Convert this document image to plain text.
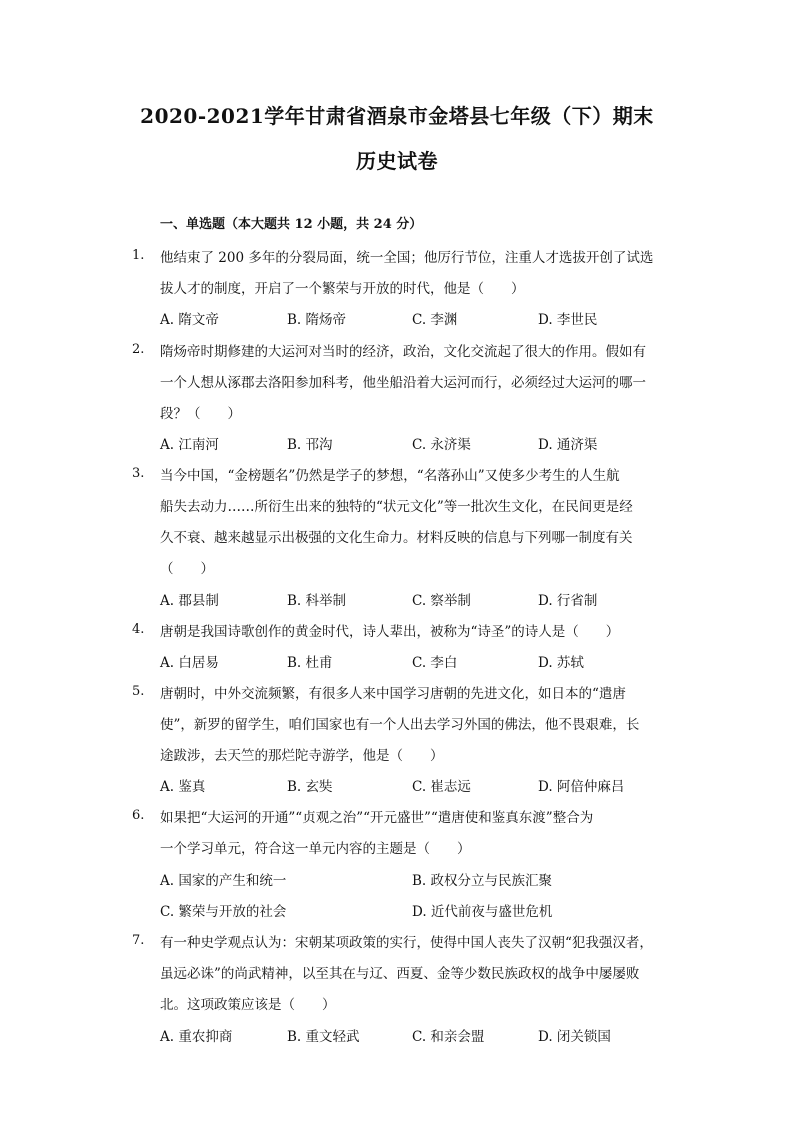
2020-2021学年甘肃省酒泉市金塔县七年级（下）期末
历史试卷
一、单选题（本大题共 12 小题，共 24 分）
1. 他结束了 200 多年的分裂局面，统一全国；他厉行节位，注重人才选拔开创了试选
拔人才的制度，开启了一个繁荣与开放的时代，他是（　　）
A. 隋文帝	B. 隋炀帝	C. 李渊	D. 李世民
2. 隋炀帝时期修建的大运河对当时的经济，政治，文化交流起了很大的作用。假如有
一个人想从涿郡去洛阳参加科考，他坐船沿着大运河而行，必须经过大运河的哪一
段？（　　）
A. 江南河	B. 邗沟	C. 永济渠	D. 通济渠
3. 当今中国，“金榜题名”仍然是学子的梦想，“名落孙山”又使多少考生的人生航
船失去动力……所衍生出来的独特的“状元文化”等一批次生文化，在民间更是经
久不衰、越来越显示出极强的文化生命力。材料反映的信息与下列哪一制度有关
（　　）
A. 郡县制	B. 科举制	C. 察举制	D. 行省制
4. 唐朝是我国诗歌创作的黄金时代，诗人辈出，被称为“诗圣”的诗人是（　　）
A. 白居易	B. 杜甫	C. 李白	D. 苏轼
5. 唐朝时，中外交流频繁，有很多人来中国学习唐朝的先进文化，如日本的“遣唐
使”，新罗的留学生，咱们国家也有一个人出去学习外国的佛法，他不畏艰难，长
途跋涉，去天竺的那烂陀寺游学，他是（　　）
A. 鉴真	B. 玄奘	C. 崔志远	D. 阿倍仲麻吕
6. 如果把“大运河的开通”“贞观之治”“开元盛世”“遣唐使和鉴真东渡”整合为
一个学习单元，符合这一单元内容的主题是（　　）
A. 国家的产生和统一	B. 政权分立与民族汇聚
C. 繁荣与开放的社会	D. 近代前夜与盛世危机
7. 有一种史学观点认为：宋朝某项政策的实行，使得中国人丧失了汉朝“犯我强汉者，
虽远必诛”的尚武精神，以至其在与辽、西夏、金等少数民族政权的战争中屡屡败
北。这项政策应该是（　　）
A. 重农抑商	B. 重文轻武	C. 和亲会盟	D. 闭关锁国
